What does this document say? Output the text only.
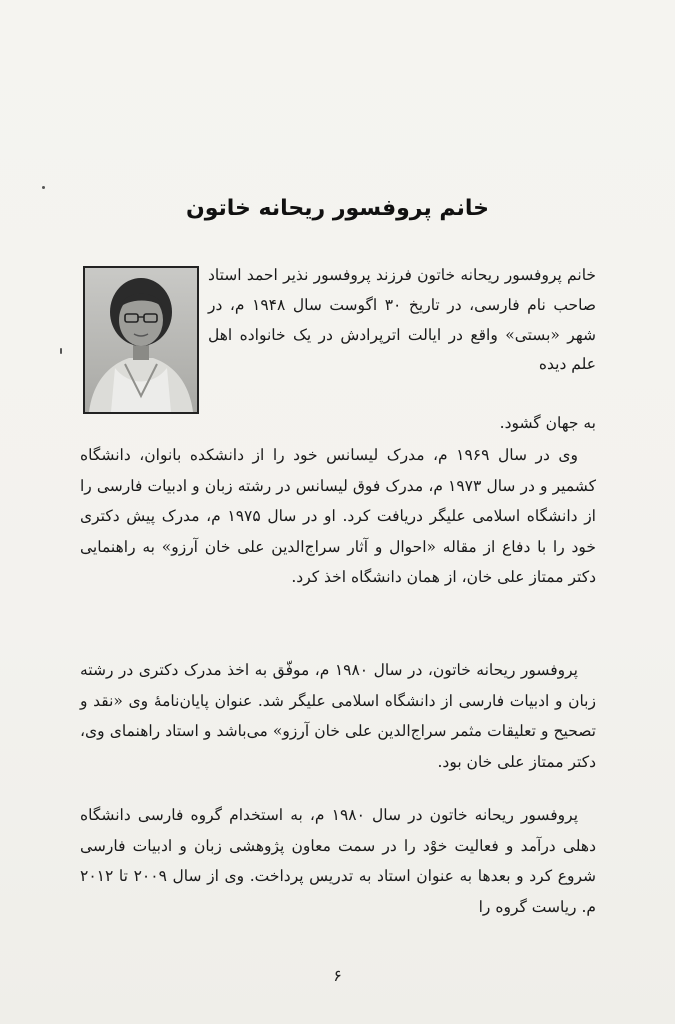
خانم پروفسور ریحانه خاتون
خانم پروفسور ریحانه خاتون فرزند پروفسور نذیر احمد استاد صاحب نام فارسی، در تاریخ ۳۰ اگوست سال ۱۹۴۸ م، در شهر «بستی» واقع در ایالت اترپرادش در یک خانواده اهل علم دیده
به جهان گشود.
وی در سال ۱۹۶۹ م، مدرک لیسانس خود را از دانشکده بانوان، دانشگاه کشمیر و در سال ۱۹۷۳ م، مدرک فوق لیسانس در رشته زبان و ادبیات فارسی را از دانشگاه اسلامی علیگر دریافت کرد. او در سال ۱۹۷۵ م، مدرک پیش دکتری خود را با دفاع از مقاله «احوال و آثار سراج‌الدین علی خان آرزو» به راهنمایی دکتر ممتاز علی خان، از همان دانشگاه اخذ کرد.
پروفسور ریحانه خاتون، در سال ۱۹۸۰ م، موفّق به اخذ مدرک دکتری در رشته زبان و ادبیات فارسی از دانشگاه اسلامی علیگر شد. عنوان پایان‌نامهٔ وی «نقد و تصحیح و تعلیقات مثمر سراج‌الدین علی خان آرزو» می‌باشد و استاد راهنمای وی، دکتر ممتاز علی خان بود.
پروفسور ریحانه خاتون در سال ۱۹۸۰ م، به استخدام گروه فارسی دانشگاه دهلی درآمد و فعالیت خوْد را در سمت معاون پژوهشی زبان و ادبیات فارسی شروع کرد و بعدها به عنوان استاد به تدریس پرداخت. وی از سال ۲۰۰۹ تا ۲۰۱۲ م. ریاست گروه را
۶
